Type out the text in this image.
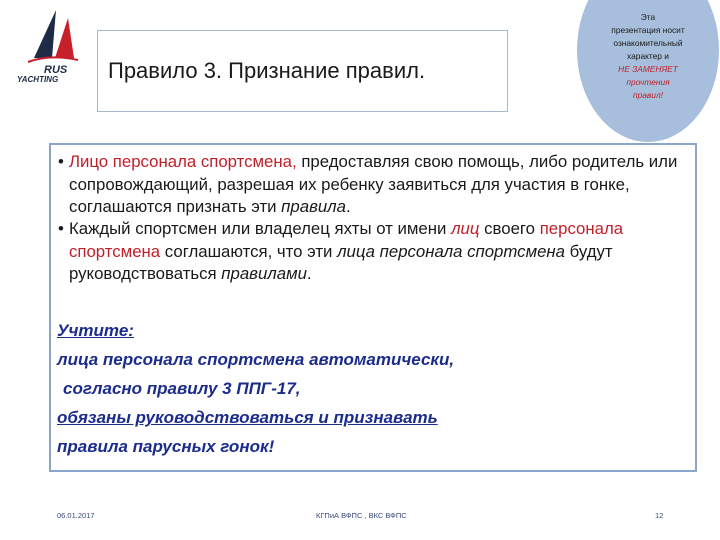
RUS
YACHTING Правило 3. Признание правил.
Эта
презентация носит
ознакомительный
характер и
НЕ ЗАМЕНЯЕТ
прочтения
правил!
• Лицо персонала спортсмена, предоставляя свою помощь, либо родитель или сопровождающий, разрешая их ребенку заявиться для участия в гонке, соглашаются признать эти правила.
• Каждый спортсмен или владелец яхты от имени лиц своего персонала спортсмена соглашаются, что эти лица персонала спортсмена будут руководствоваться правилами.
Учтите:
лица персонала спортсмена автоматически,
согласно правилу 3 ППГ-17,
обязаны руководствоваться и признавать
правила парусных гонок!
06.01.2017	КГПиА ВФПС , ВКС ВФПС	12
